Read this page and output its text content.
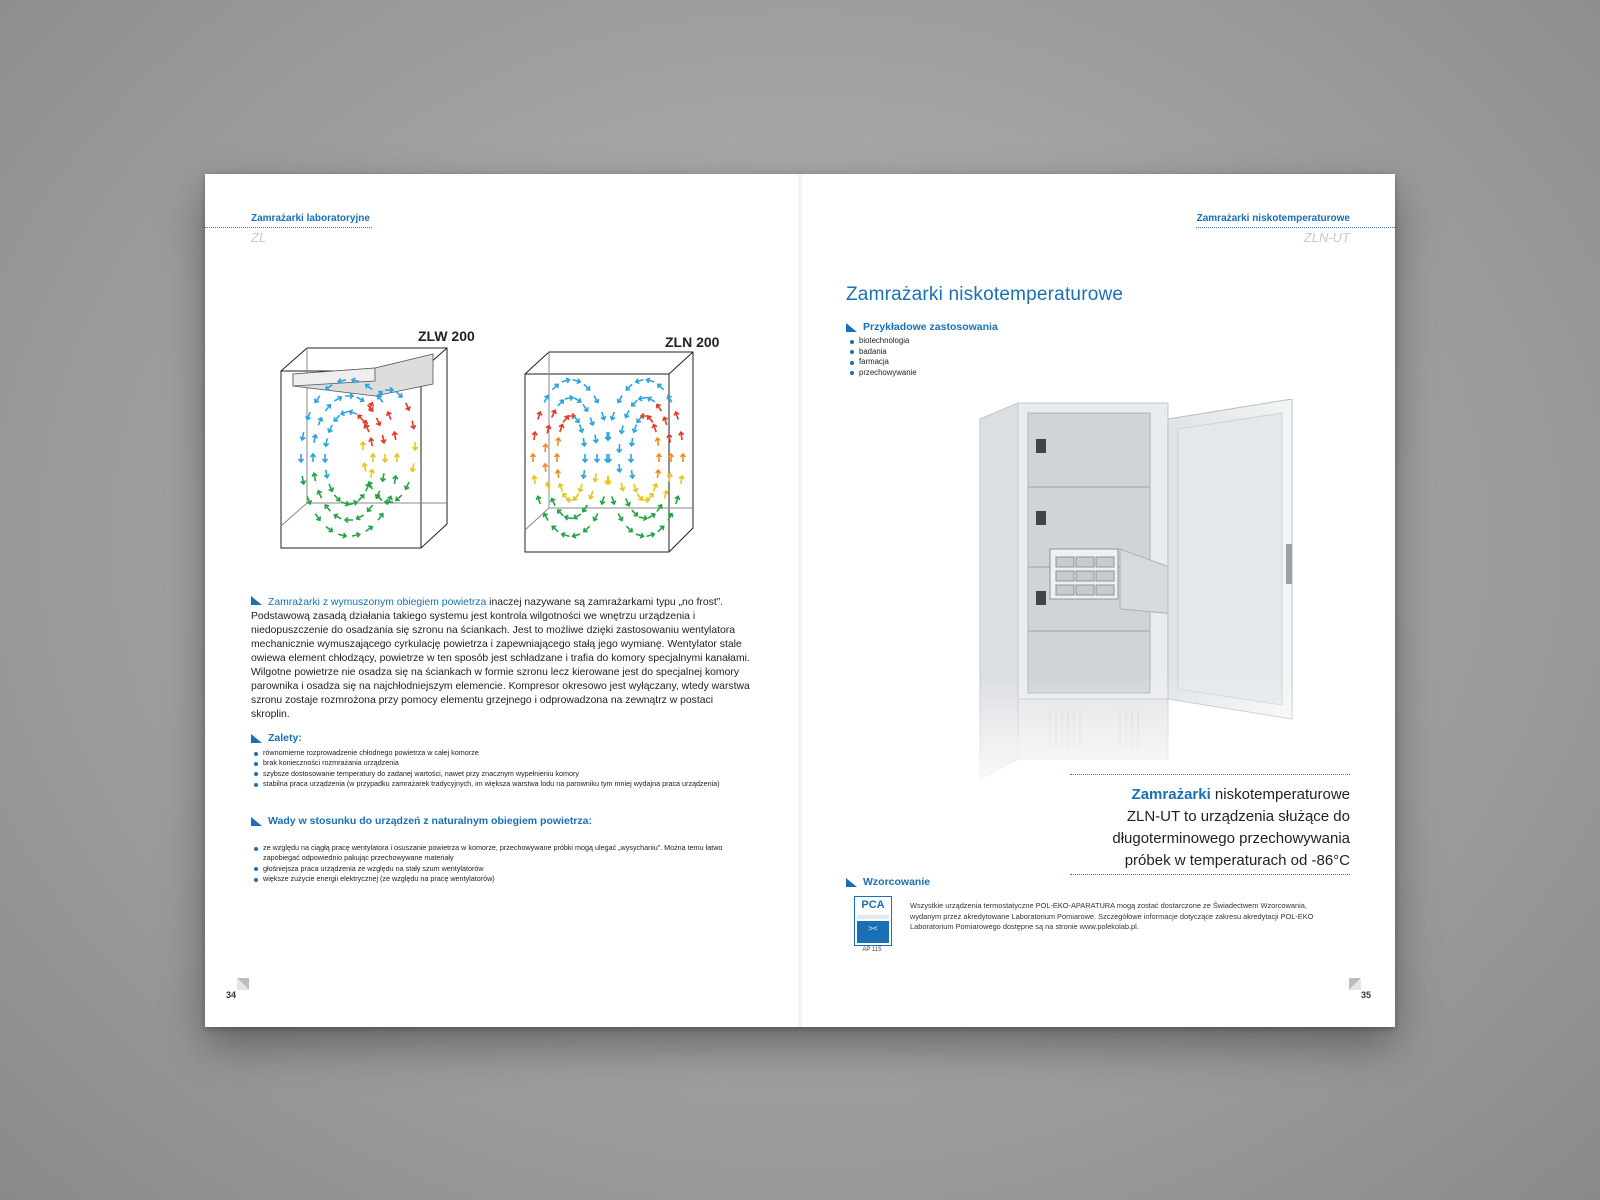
Zamrażarki laboratoryjne
ZL
ZLW 200	ZLN 200
Zamrażarki z wymuszonym obiegiem powietrza inaczej nazywane są zamrażarkami typu „no frost”. Podstawową zasadą działania takiego systemu jest kontrola wilgotności we wnętrzu urządzenia i niedopuszczenie do osadzania się szronu na ściankach. Jest to możliwe dzięki zastosowaniu wentylatora mechanicznie wymuszającego cyrkulację powietrza i zapewniającego stałą jego wymianę. Wentylator stale owiewa element chłodzący, powietrze w ten sposób jest schładzane i trafia do komory specjalnymi kanałami. Wilgotne powietrze nie osadza się na ściankach w formie szronu lecz kierowane jest do specjalnej komory parownika i osadza się na najchłodniejszym elemencie. Kompresor okresowo jest wyłączany, wtedy warstwa szronu zostaje rozmrożona przy pomocy elementu grzejnego i odprowadzona na zewnątrz w postaci skroplin.
Zalety:
równomierne rozprowadzenie chłodnego powietrza w całej komorze
brak konieczności rozmrażania urządzenia
szybsze dostosowanie temperatury do zadanej wartości, nawet przy znacznym wypełnieniu komory
stabilna praca urządzenia (w przypadku zamrażarek tradycyjnych, im większa warstwa lodu na parowniku tym mniej wydajna praca urządzenia)
Wady w stosunku do urządzeń z naturalnym obiegiem powietrza:
ze względu na ciągłą pracę wentylatora i osuszanie powietrza w komorze, przechowywane próbki mogą ulegać „wysychaniu”. Można temu łatwo zapobiegać odpowiednio pakując przechowywane materiały
głośniejsza praca urządzenia ze względu na stały szum wentylatorów
większe zużycie energii elektrycznej (ze względu na pracę wentylatorów)
34
Zamrażarki niskotemperaturowe
ZLN-UT
Zamrażarki niskotemperaturowe
Przykładowe zastosowania
biotechnologia
badania
farmacja
przechowywanie
Zamrażarki niskotemperaturowe
ZLN-UT to urządzenia służące do
długoterminowego przechowywania
próbek w temperaturach od -86°C
Wzorcowanie
PCA
><
AP 115
Wszystkie urządzenia termostatyczne POL-EKO-APARATURA mogą zostać dostarczone ze Świadectwem Wzorcowania, wydanym przez akredytowane Laboratorium Pomiarowe. Szczegółowe informacje dotyczące zakresu akredytacji POL-EKO Laboratorium Pomiarowego dostępne są na stronie www.polekolab.pl.
35
